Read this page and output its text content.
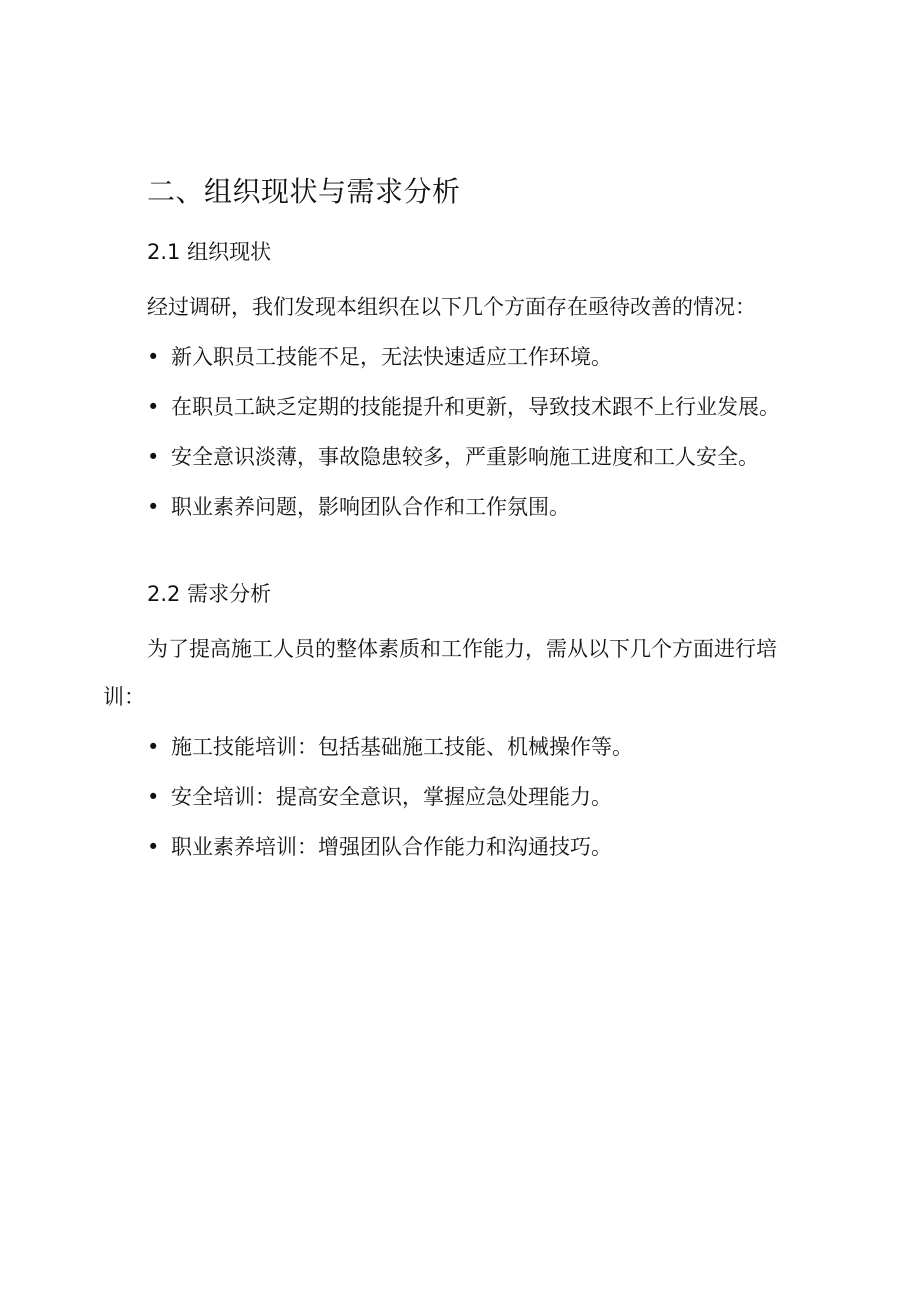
二、组织现状与需求分析
2.1 组织现状

经过调研，我们发现本组织在以下几个方面存在亟待改善的情况：

• 新入职员工技能不足，无法快速适应工作环境。
• 在职员工缺乏定期的技能提升和更新，导致技术跟不上行业发展。
• 安全意识淡薄，事故隐患较多，严重影响施工进度和工人安全。
• 职业素养问题，影响团队合作和工作氛围。
2.2 需求分析

为了提高施工人员的整体素质和工作能力，需从以下几个方面进行培训：

• 施工技能培训：包括基础施工技能、机械操作等。
• 安全培训：提高安全意识，掌握应急处理能力。
• 职业素养培训：增强团队合作能力和沟通技巧。
